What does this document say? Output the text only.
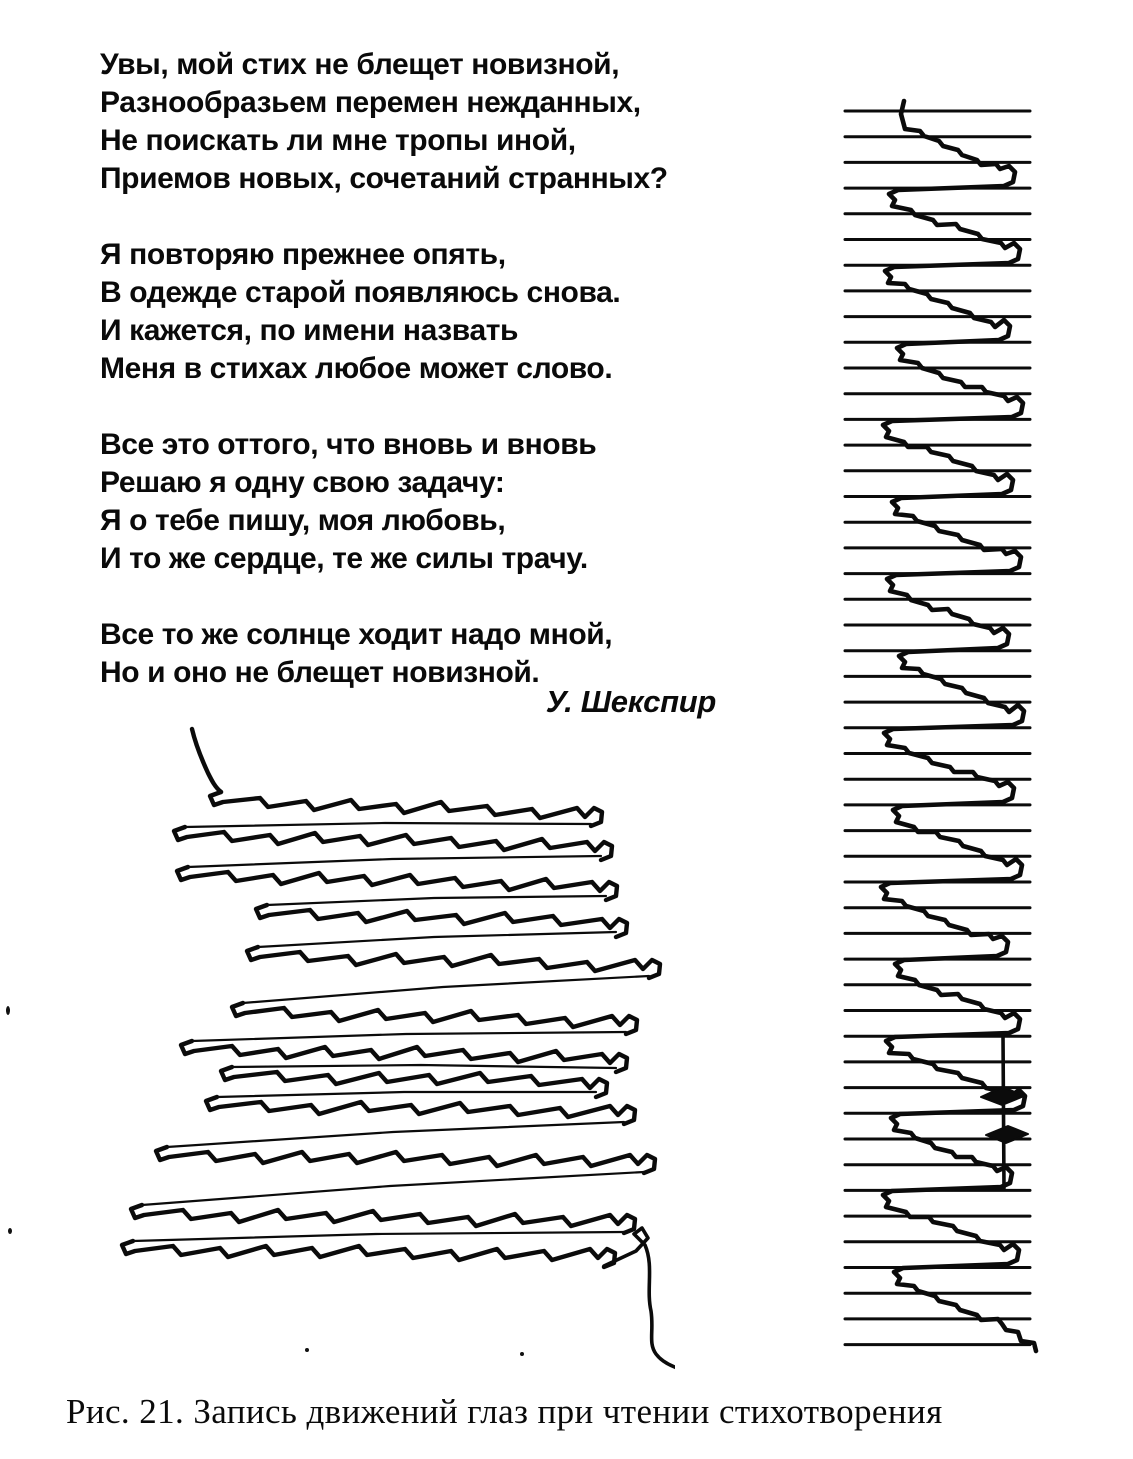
Увы, мой стих не блещет новизной,
Разнообразьем перемен нежданных,
Не поискать ли мне тропы иной,
Приемов новых, сочетаний странных?
Я повторяю прежнее опять,
В одежде старой появляюсь снова.
И кажется, по имени назвать
Меня в стихах любое может слово.
Все это оттого, что вновь и вновь
Решаю я одну свою задачу:
Я о тебе пишу, моя любовь,
И то же сердце, те же силы трачу.
Все то же солнце ходит надо мной,
Но и оно не блещет новизной.
У. Шекспир
Рис. 21. Запись движений глаз при чтении стихотворения
